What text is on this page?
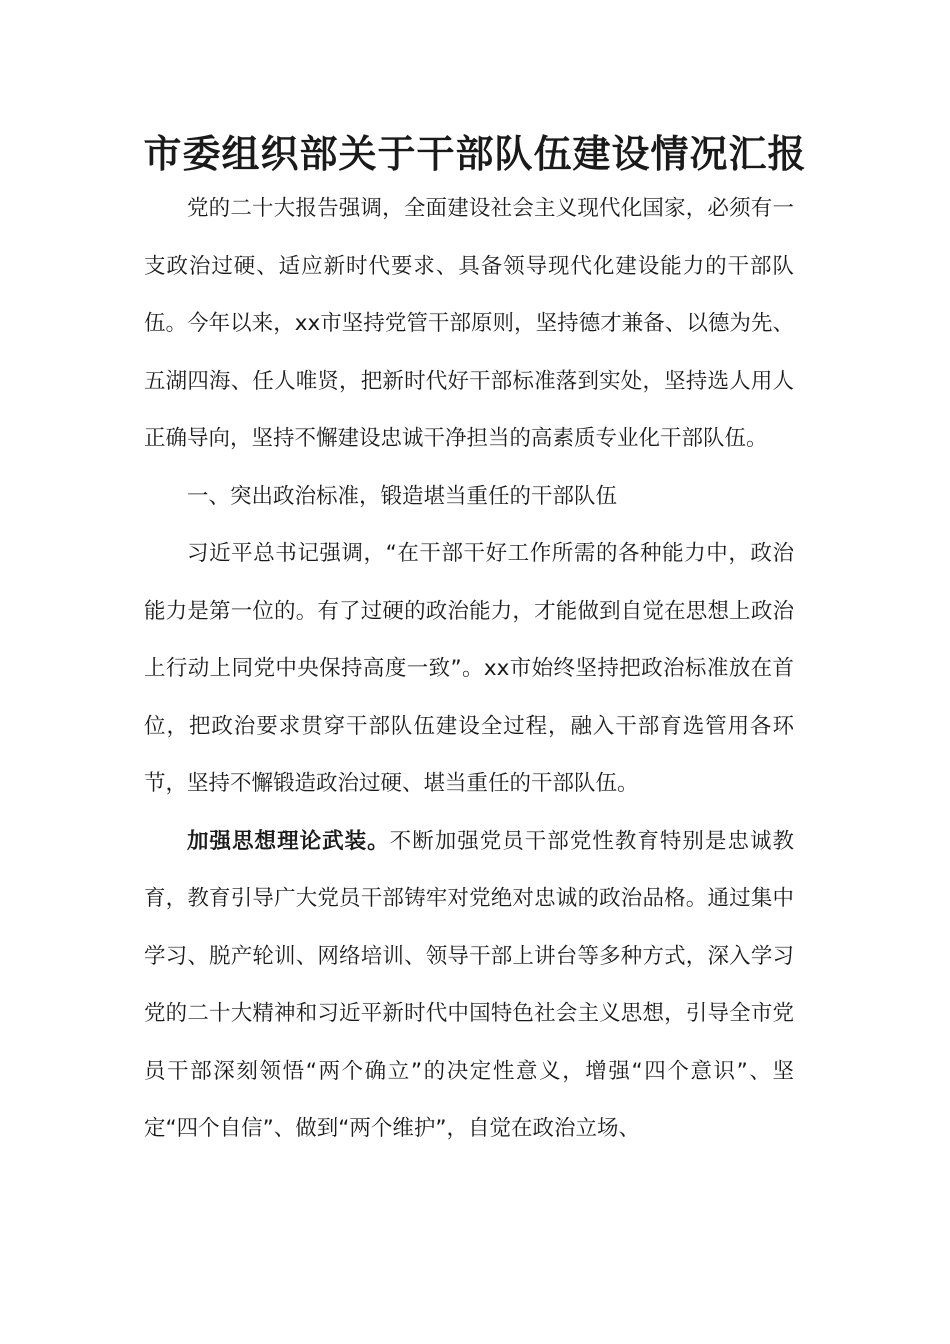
市委组织部关于干部队伍建设情况汇报

党的二十大报告强调，全面建设社会主义现代化国家，必须有一支政治过硬、适应新时代要求、具备领导现代化建设能力的干部队伍。今年以来，xx市坚持党管干部原则，坚持德才兼备、以德为先、五湖四海、任人唯贤，把新时代好干部标准落到实处，坚持选人用人正确导向，坚持不懈建设忠诚干净担当的高素质专业化干部队伍。

一、突出政治标准，锻造堪当重任的干部队伍

习近平总书记强调，“在干部干好工作所需的各种能力中，政治能力是第一位的。有了过硬的政治能力，才能做到自觉在思想上政治上行动上同党中央保持高度一致”。xx市始终坚持把政治标准放在首位，把政治要求贯穿干部队伍建设全过程，融入干部育选管用各环节，坚持不懈锻造政治过硬、堪当重任的干部队伍。

加强思想理论武装。不断加强党员干部党性教育特别是忠诚教育，教育引导广大党员干部铸牢对党绝对忠诚的政治品格。通过集中学习、脱产轮训、网络培训、领导干部上讲台等多种方式，深入学习党的二十大精神和习近平新时代中国特色社会主义思想，引导全市党员干部深刻领悟“两个确立”的决定性意义，增强“四个意识”、坚定“四个自信”、做到“两个维护”，自觉在政治立场、
